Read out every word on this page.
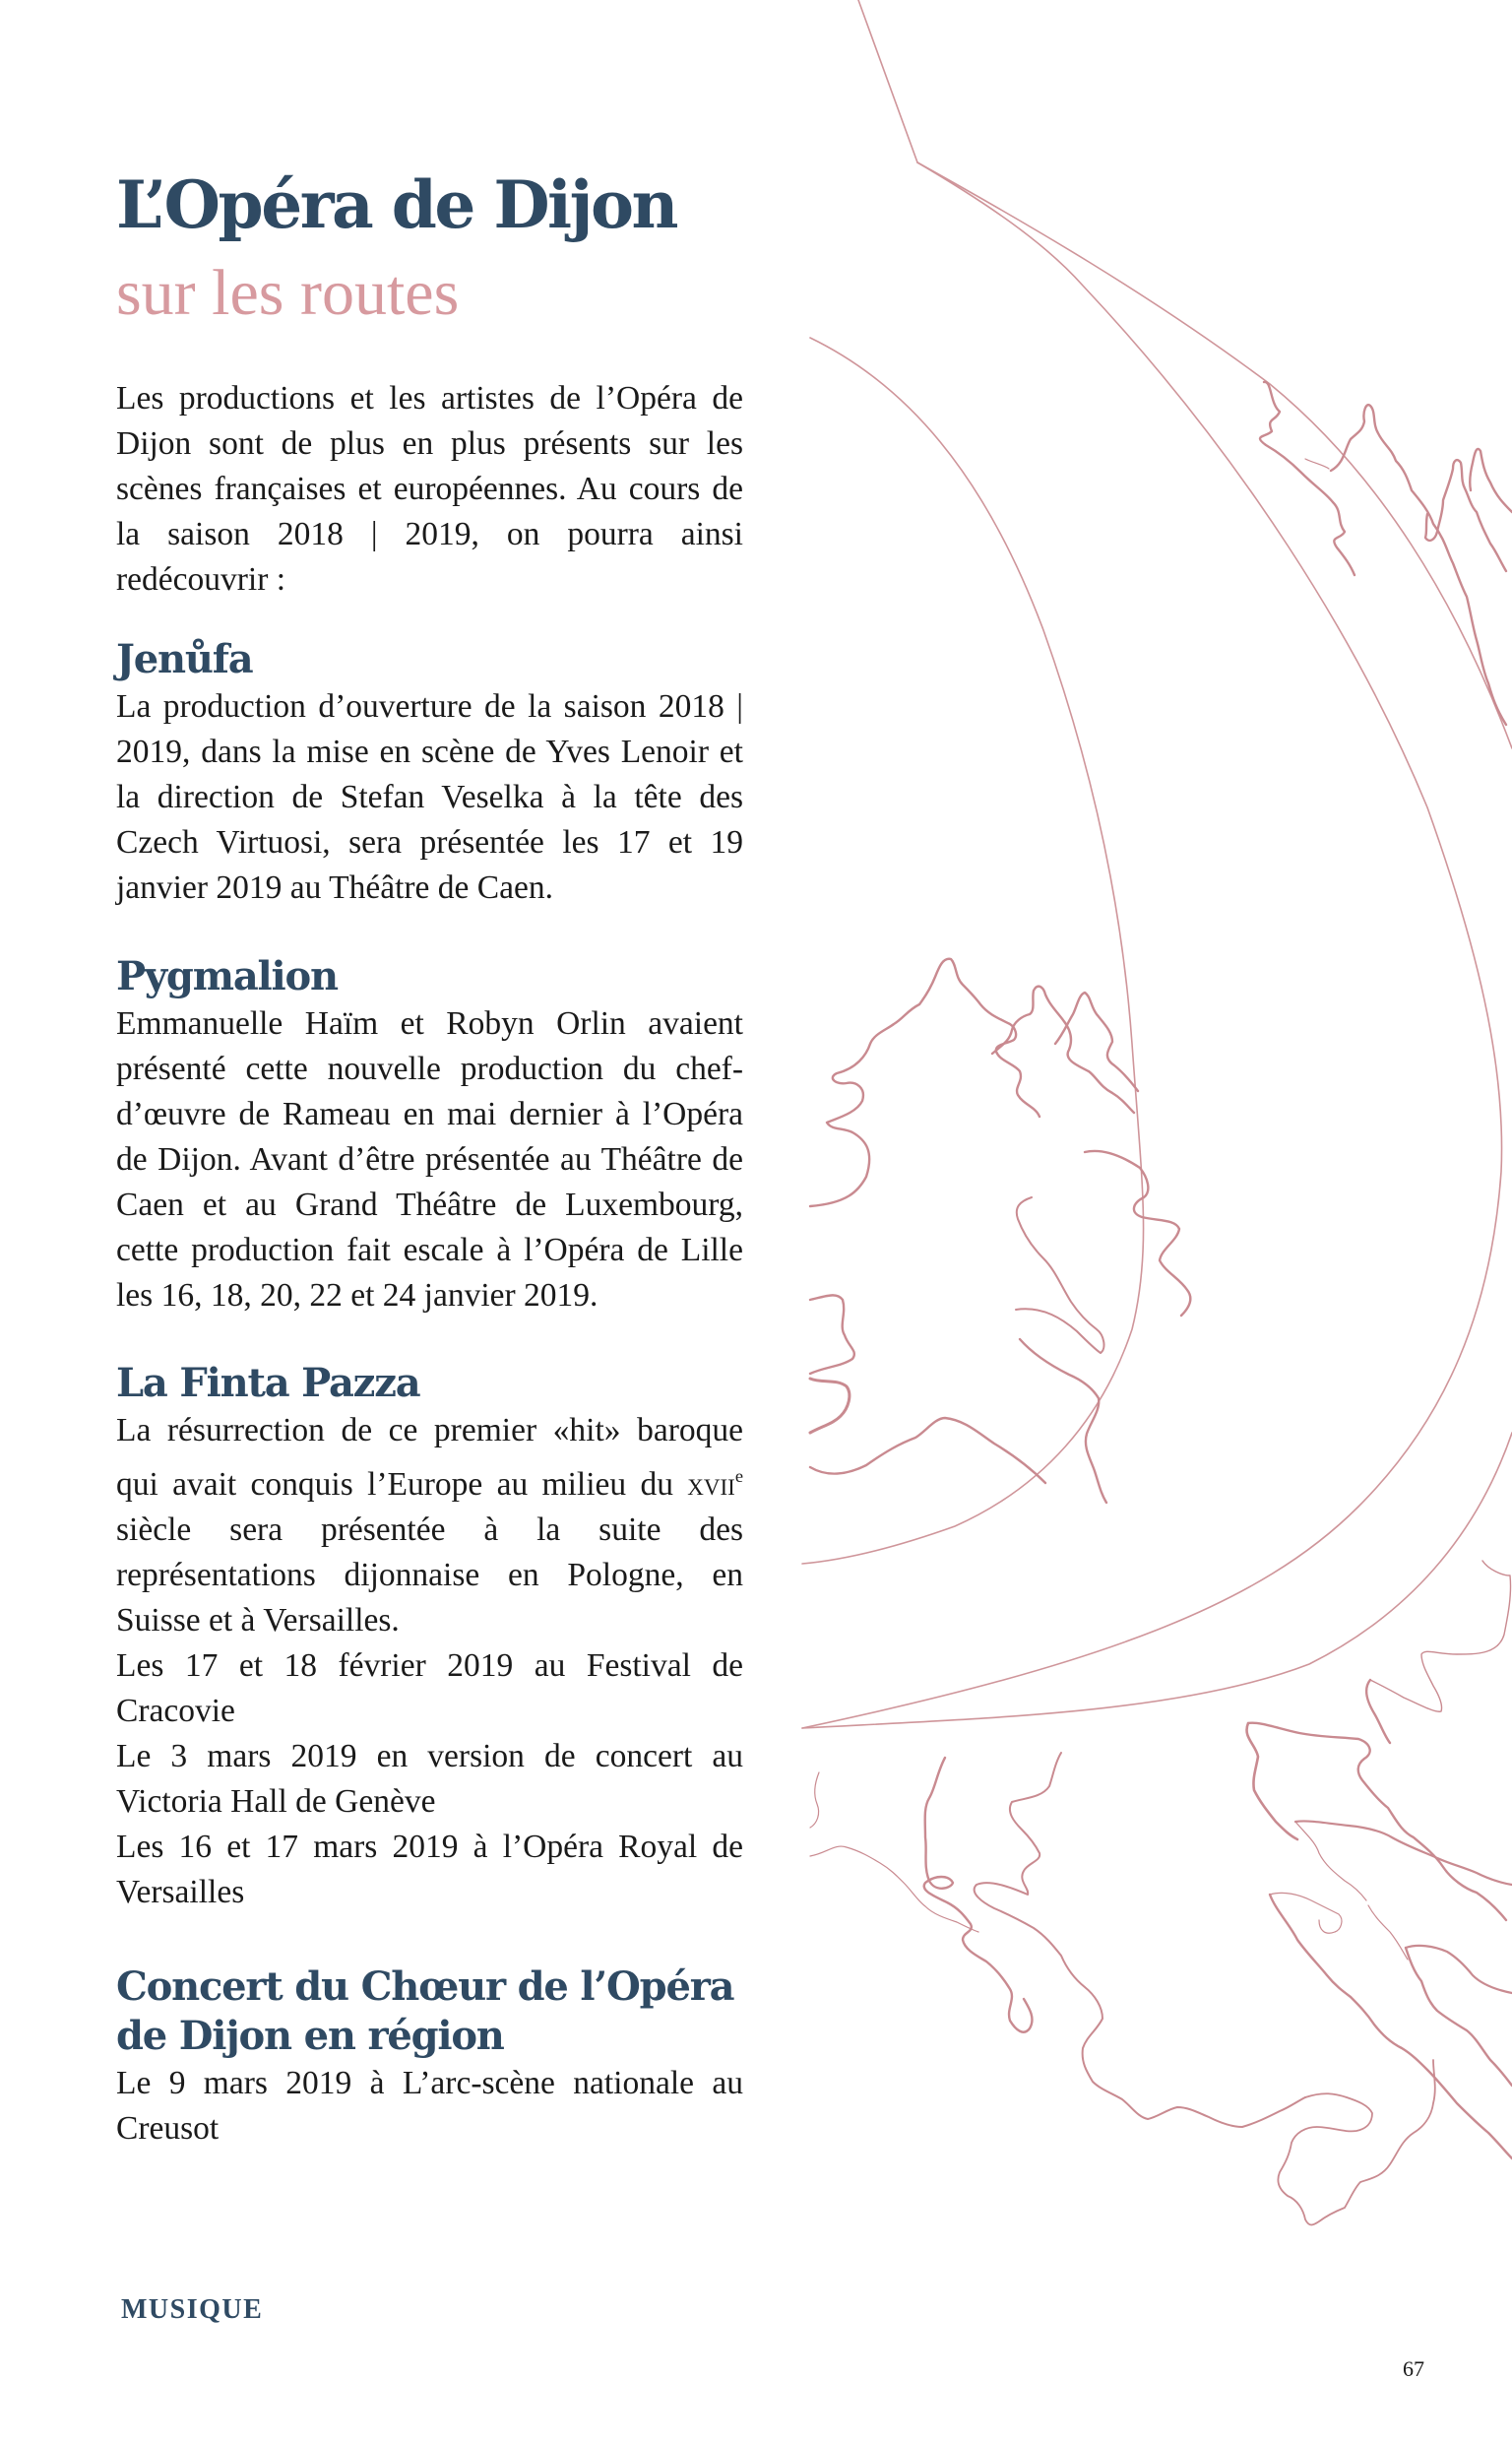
L’Opéra de Dijon
sur les routes

Les productions et les artistes de l’Opéra de Dijon sont de plus en plus présents sur les scènes françaises et européennes. Au cours de la saison 2018 | 2019, on pourra ainsi redécouvrir :

Jenůfa

La production d’ouverture de la saison 2018 | 2019, dans la mise en scène de Yves Lenoir et la direction de Stefan Veselka à la tête des Czech Virtuosi, sera présentée les 17 et 19 janvier 2019 au Théâtre de Caen.

Pygmalion

Emmanuelle Haïm et Robyn Orlin avaient présenté cette nouvelle production du chef-d’œuvre de Rameau en mai dernier à l’Opéra de Dijon. Avant d’être présentée au Théâtre de Caen et au Grand Théâtre de Luxembourg, cette production fait escale à l’Opéra de Lille les 16, 18, 20, 22 et 24 janvier 2019.

La Finta Pazza

La résurrection de ce premier «hit» baroque qui avait conquis l’Europe au milieu du xvii$^e$ siècle sera présentée à la suite des représentations dijonnaise en Pologne, en Suisse et à Versailles.

Les 17 et 18 février 2019 au Festival de Cracovie

Le 3 mars 2019 en version de concert au Victoria Hall de Genève

Les 16 et 17 mars 2019 à l’Opéra Royal de Versailles

Concert du Chœur de l’Opéra
de Dijon en région

Le 9 mars 2019 à L’arc-scène nationale au Creusot

MUSIQUE
67
